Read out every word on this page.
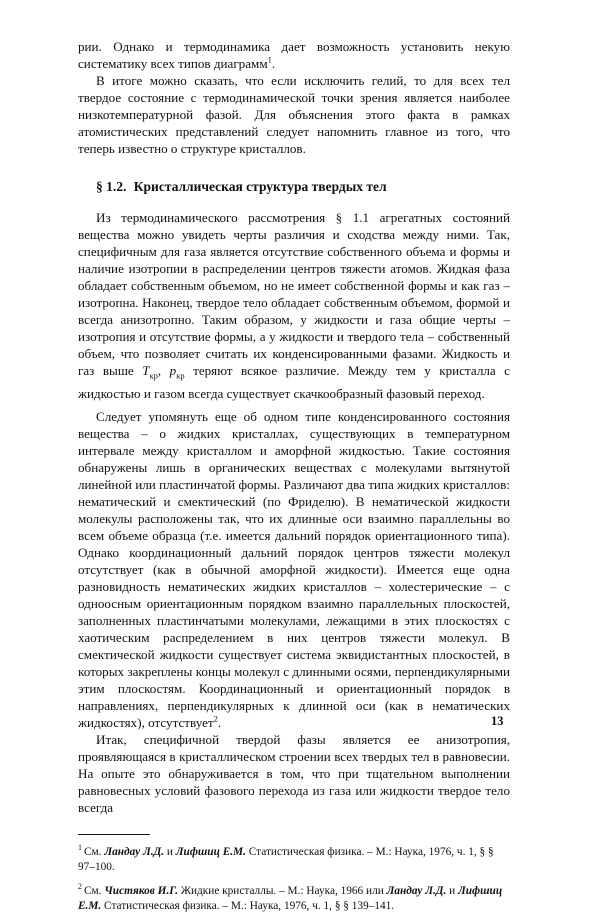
рии. Однако и термодинамика дает возможность установить некую систематику всех типов диаграмм$^1$.

В итоге можно сказать, что если исключить гелий, то для всех тел твердое состояние с термодинамической точки зрения является наиболее низкотемпературной фазой. Для объяснения этого факта в рамках атомистических представлений следует напомнить главное из того, что теперь известно о структуре кристаллов.

§ 1.2. Кристаллическая структура твердых тел

Из термодинамического рассмотрения § 1.1 агрегатных состояний вещества можно увидеть черты различия и сходства между ними. Так, специфичным для газа является отсутствие собственного объема и формы и наличие изотропии в распределении центров тяжести атомов. Жидкая фаза обладает собственным объемом, но не имеет собственной формы и как газ – изотропна. Наконец, твердое тело обладает собственным объемом, формой и всегда анизотропно. Таким образом, у жидкости и газа общие черты – изотропия и отсутствие формы, а у жидкости и твердого тела – собственный объем, что позволяет считать их конденсированными фазами. Жидкость и газ выше $T_{кр}$, $p_{кр}$ теряют всякое различие. Между тем у кристалла с жидкостью и газом всегда существует скачкообразный фазовый переход.

Следует упомянуть еще об одном типе конденсированного состояния вещества – о жидких кристаллах, существующих в температурном интервале между кристаллом и аморфной жидкостью. Такие состояния обнаружены лишь в органических веществах с молекулами вытянутой линейной или пластинчатой формы. Различают два типа жидких кристаллов: нематический и смектический (по Фриделю). В нематической жидкости молекулы расположены так, что их длинные оси взаимно параллельны во всем объеме образца (т.е. имеется дальний порядок ориентационного типа). Однако координационный дальний порядок центров тяжести молекул отсутствует (как в обычной аморфной жидкости). Имеется еще одна разновидность нематических жидких кристаллов – холестерические – с одноосным ориентационным порядком взаимно параллельных плоскостей, заполненных пластинчатыми молекулами, лежащими в этих плоскостях с хаотическим распределением в них центров тяжести молекул. В смектической жидкости существует система эквидистантных плоскостей, в которых закреплены концы молекул с длинными осями, перпендикулярными этим плоскостям. Координационный и ориентационный порядок в направлениях, перпендикулярных к длинной оси (как в нематических жидкостях), отсутствует$^2$.

Итак, специфичной твердой фазы является ее анизотропия, проявляющаяся в кристаллическом строении всех твердых тел в равновесии. На опыте это обнаруживается в том, что при тщательном выполнении равновесных условий фазового перехода из газа или жидкости твердое тело всегда

$^1$ См. Ландау Л.Д. и Лифшиц Е.М. Статистическая физика. – М.: Наука, 1976, ч. 1, § § 97–100.
$^2$ См. Чистяков И.Г. Жидкие кристаллы. – М.: Наука, 1966 или Ландау Л.Д. и Лифшиц Е.М. Статистическая физика. – М.: Наука, 1976, ч. 1, § § 139–141.
13
